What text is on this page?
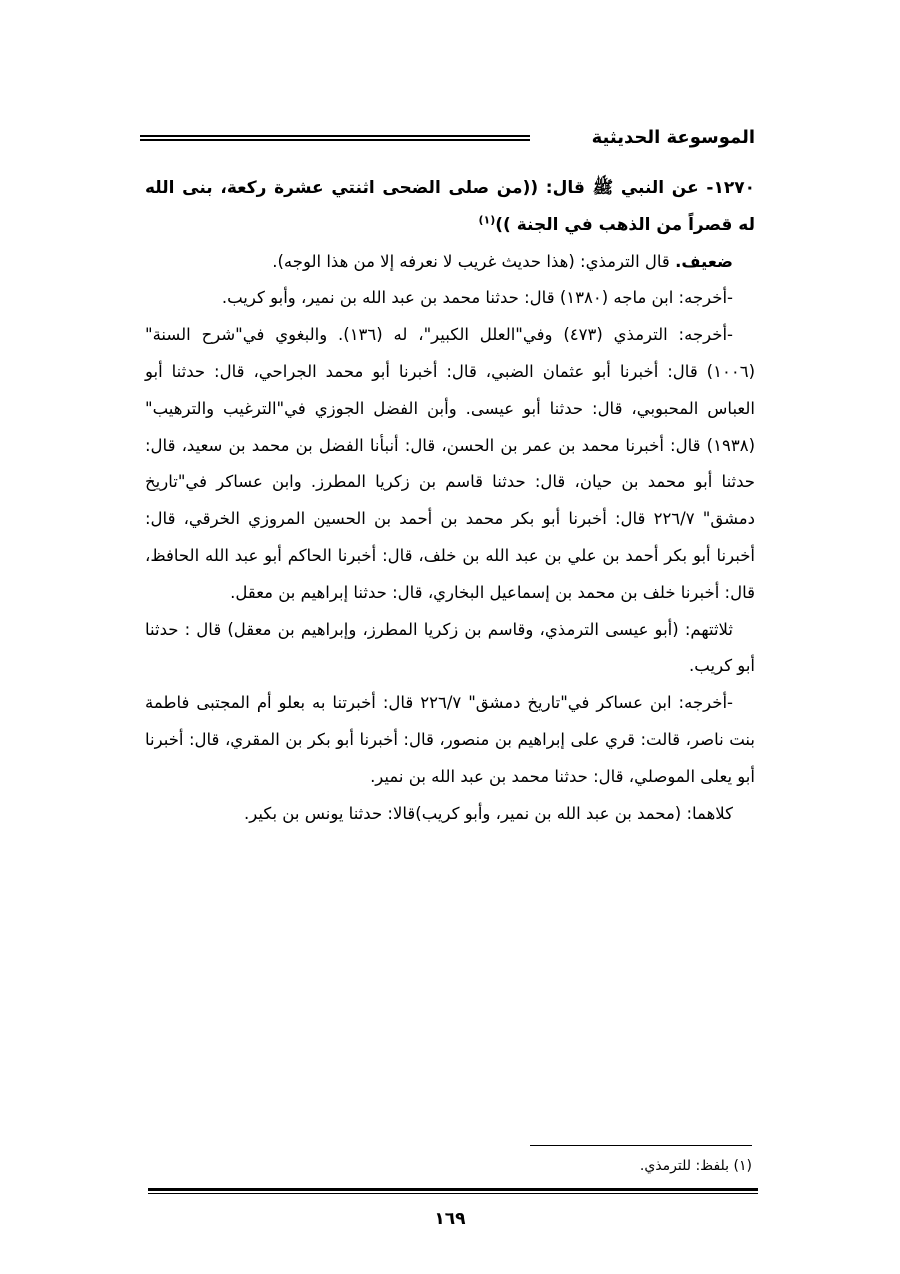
الموسوعة الحديثية

١٢٧٠- عن النبي ﷺ قال: ((من صلى الضحى اثنتي عشرة ركعة، بنى الله له قصراً من الذهب في الجنة ))$^{(١)}$

ضعيف. قال الترمذي: (هذا حديث غريب لا نعرفه إلا من هذا الوجه).

-أخرجه: ابن ماجه (١٣٨٠) قال: حدثنا محمد بن عبد الله بن نمير، وأبو كريب.

-أخرجه: الترمذي (٤٧٣) وفي"العلل الكبير"، له (١٣٦). والبغوي في"شرح السنة" (١٠٠٦) قال: أخبرنا أبو عثمان الضبي، قال: أخبرنا أبو محمد الجراحي، قال: حدثنا أبو العباس المحبوبي، قال: حدثنا أبو عيسى. وأبن الفضل الجوزي في"الترغيب والترهيب"(١٩٣٨) قال: أخبرنا محمد بن عمر بن الحسن، قال: أنبأنا الفضل بن محمد بن سعيد، قال: حدثنا أبو محمد بن حيان، قال: حدثنا قاسم بن زكريا المطرز. وابن عساكر في"تاريخ دمشق" ٢٢٦/٧ قال: أخبرنا أبو بكر محمد بن أحمد بن الحسين المروزي الخرقي، قال: أخبرنا أبو بكر أحمد بن علي بن عبد الله بن خلف، قال: أخبرنا الحاكم أبو عبد الله الحافظ، قال: أخبرنا خلف بن محمد بن إسماعيل البخاري، قال: حدثنا إبراهيم بن معقل.

ثلاثتهم: (أبو عيسى الترمذي، وقاسم بن زكريا المطرز، وإبراهيم بن معقل) قال : حدثنا أبو كريب.

-أخرجه: ابن عساكر في"تاريخ دمشق" ٢٢٦/٧ قال: أخبرتنا به بعلو أم المجتبى فاطمة بنت ناصر، قالت: قري على إبراهيم بن منصور، قال: أخبرنا أبو بكر بن المقري، قال: أخبرنا أبو يعلى الموصلي، قال: حدثنا محمد بن عبد الله بن نمير.

كلاهما: (محمد بن عبد الله بن نمير، وأبو كريب)قالا: حدثنا يونس بن بكير.

(١) بلفظ: للترمذي.
١٦٩
